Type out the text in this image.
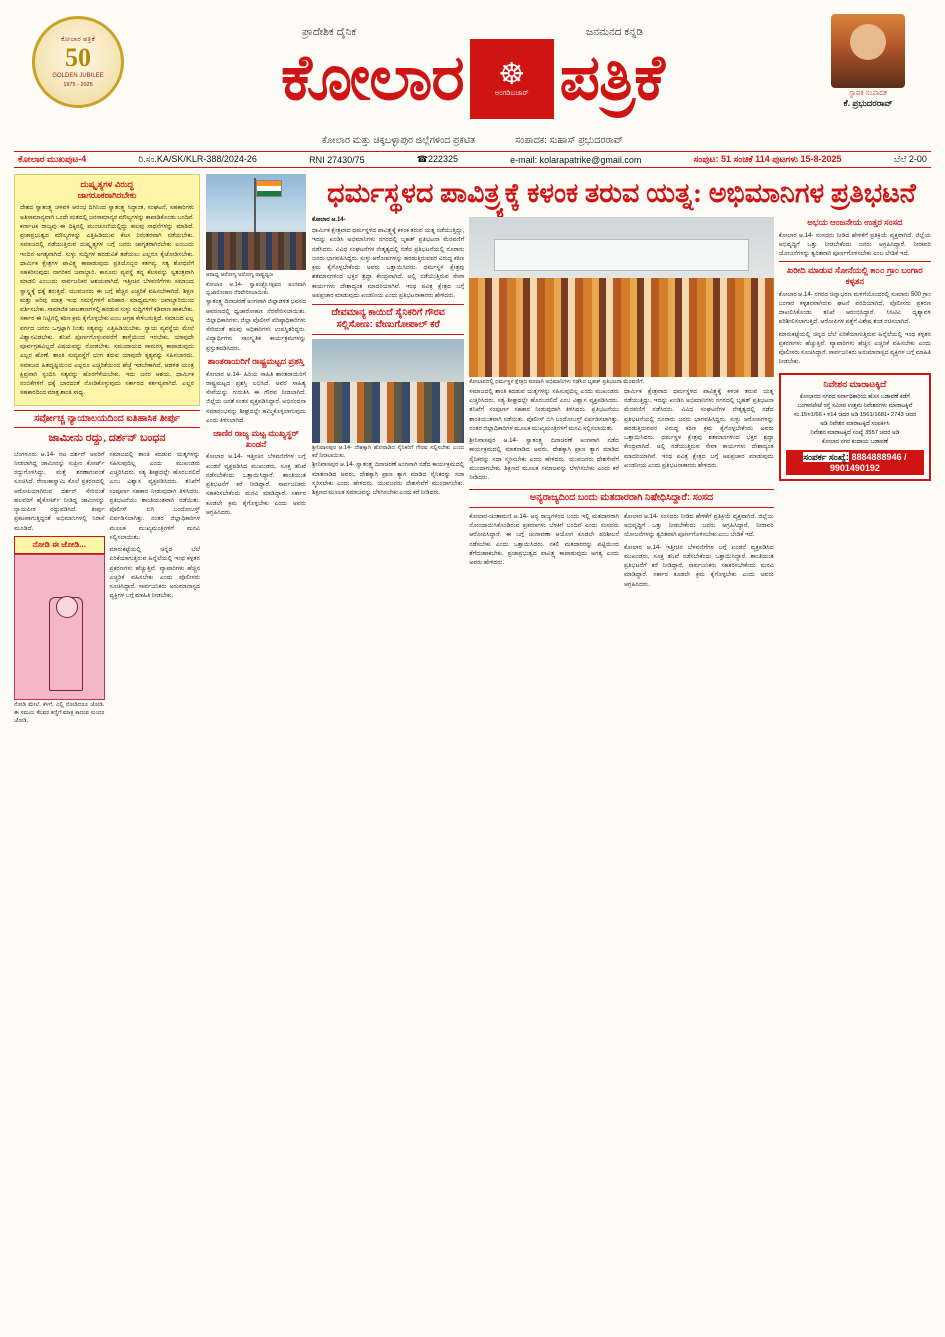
ಕೋಲಾರ ಪತ್ರಿಕೆ
50
GOLDEN JUBILEE
1975 - 2025
ಪ್ರಾದೇಶಿಕ ದೈನಿಕ	ಜನಮನದ ಕನ್ನಡಿ
ಕೋಲಾರ ☸
ಅಂಗಡಿಬಜಾರ್ ಪತ್ರಿಕೆ	ಸ್ಥಾಪಕ ಸಂಪಾದಕ
ಕೆ. ಪ್ರಭುದರರಾವ್
ಕೋಲಾರ ಮತ್ತು ಚಿಕ್ಕಬಳ್ಳಾಪುರ ಜಿಲ್ಲೆಗಳಿಂದ ಪ್ರಕಟಿತ	ಸಂಪಾದಕ: ಸುಹಾಸ್ ಪ್ರಭುದರರಾವ್
ಕೋಲಾರ ಮುಖಪುಟ-4	ರಿ.ಸಂ.KA/SK/KLR-388/2024-26	RNI 27430/75	☎222325	e-mail: kolarapatrike@gmail.com	ಸಂಪುಟ: 51 ಸಂಚಿಕೆ 114 ಪುಟಗಳು 15-8-2025	ಬೆಲೆ 2-00
ದುಷ್ಕೃತ್ಯಗಳ ವಿರುದ್ಧ
ಜಾಗರೂಕರಾಗಿರಬೇಕು

ದೇಶದ ಸ್ವಾತಂತ್ರ್ಯ ಚಳವಳಿ ಆರಂಭ ದಿಗಿನಿಂದ ಸ್ವಾತಂತ್ರ್ಯ ಸಿದ್ಧಾಂತ, ಸಂಘಟನೆ, ಸಹಕಾರಿಗಳು ಅತಿಸಾಮಾನ್ಯವಾಗಿ ಒಂದೇ ಮತದಲ್ಲಿ ಜನಸಾಮಾನ್ಯರ ಮೌಲ್ಯಗಳನ್ನು ಕಾಪಾಡಿಕೊಂಡು ಬಂದಿವೆ. ಕರ್ನಾಟಕ ರಾಜ್ಯವು ಈ ದಿಕ್ಕಿನಲ್ಲಿ ಮುಂಚೂಣಿಯಲ್ಲಿದ್ದು ಹಲವು ಸಾಧನೆಗಳನ್ನು ಮಾಡಿದೆ. ಪ್ರಜಾಪ್ರಭುತ್ವದ ಮೌಲ್ಯಗಳನ್ನು ಎತ್ತಿಹಿಡಿಯುವ ಕೆಲಸ ನಿರಂತರವಾಗಿ ನಡೆಯಬೇಕು. ಸಮಾಜದಲ್ಲಿ ನಡೆಯುತ್ತಿರುವ ದುಷ್ಕೃತ್ಯಗಳ ಬಗ್ಗೆ ಜನರು ಜಾಗೃತರಾಗಿರಬೇಕು ಎಂಬುದು ಇಂದಿನ ಅಗತ್ಯವಾಗಿದೆ. ಸುಳ್ಳು ಸುದ್ದಿಗಳ ಹರಡುವಿಕೆ ತಡೆಯಲು ಎಲ್ಲರೂ ಕೈಜೋಡಿಸಬೇಕು. ಧಾರ್ಮಿಕ ಕ್ಷೇತ್ರಗಳ ಪಾವಿತ್ರ್ಯ ಕಾಪಾಡುವುದು ಪ್ರತಿಯೊಬ್ಬರ ಕರ್ತವ್ಯ. ಸತ್ಯ ಶೋಧನೆಗೆ ಸಹಕರಿಸುವುದು ನಾಗರಿಕರ ಜವಾಬ್ದಾರಿ. ಕಾನೂನು ವ್ಯವಸ್ಥೆ ತನ್ನ ಕೆಲಸವನ್ನು ಸ್ವತಂತ್ರವಾಗಿ ಮಾಡಲಿ ಎಂಬುದು ಸಾರ್ವಜನಿಕರ ಆಶಯವಾಗಿದೆ. ಇತ್ತೀಚಿನ ಬೆಳವಣಿಗೆಗಳು ಸಮಾಜದ ಸ್ವಾಸ್ಥ್ಯಕ್ಕೆ ಧಕ್ಕೆ ತರುತ್ತಿವೆ. ಯುವಜನರು ಈ ಬಗ್ಗೆ ಹೆಚ್ಚಿನ ಎಚ್ಚರಿಕೆ ವಹಿಸಬೇಕಾಗಿದೆ. ಶಿಕ್ಷಣ ಮತ್ತು ಅರಿವು ಮಾತ್ರ ಇಂಥ ಸಮಸ್ಯೆಗಳಿಗೆ ಪರಿಹಾರ. ಮಾಧ್ಯಮಗಳು ಜವಾಬ್ದಾರಿಯಿಂದ ವರ್ತಿಸಬೇಕು. ಸಾಮಾಜಿಕ ಜಾಲತಾಣಗಳಲ್ಲಿ ಹರಡುವ ಸುಳ್ಳು ಸುದ್ದಿಗಳಿಗೆ ಕಡಿವಾಣ ಹಾಕಬೇಕು. ಸರ್ಕಾರ ಈ ನಿಟ್ಟಿನಲ್ಲಿ ಕಠಿಣ ಕ್ರಮ ಕೈಗೊಳ್ಳಬೇಕು ಎಂಬ ಆಗ್ರಹ ಕೇಳಿಬರುತ್ತಿದೆ. ಸಮಾಜದ ಎಲ್ಲ ವರ್ಗದ ಜನರು ಒಗ್ಗಟ್ಟಾಗಿ ನಿಂತು ಸತ್ಯವನ್ನು ಎತ್ತಿಹಿಡಿಯಬೇಕು. ನ್ಯಾಯ ವ್ಯವಸ್ಥೆಯ ಮೇಲೆ ವಿಶ್ವಾಸವಿಡಬೇಕು. ತನಿಖೆ ಪೂರ್ಣಗೊಳ್ಳುವವರೆಗೆ ತಾಳ್ಮೆಯಿಂದ ಇರಬೇಕು. ಯಾವುದೇ ಪೂರ್ವಗ್ರಹವಿಲ್ಲದೆ ವಿಷಯವನ್ನು ನೋಡಬೇಕು. ಸಮುದಾಯದ ಸಾಮರಸ್ಯ ಕಾಪಾಡುವುದು ಎಲ್ಲರ ಹೊಣೆ. ಶಾಂತಿ ಸುವ್ಯವಸ್ಥೆಗೆ ಭಂಗ ತರುವ ಯಾವುದೇ ಕೃತ್ಯವನ್ನು ಸಹಿಸಬಾರದು. ಸಮಾಜದ ಹಿತದೃಷ್ಟಿಯಿಂದ ಎಲ್ಲರೂ ಎಚ್ಚರಿಕೆಯಿಂದ ಹೆಜ್ಜೆ ಇಡಬೇಕಾಗಿದೆ. ಆಡಳಿತ ಯಂತ್ರ ಕ್ಷಿಪ್ರವಾಗಿ ಸ್ಪಂದಿಸಿ ಸತ್ಯವನ್ನು ಹೊರಗೆಳೆಯಬೇಕು. ಇದು ಜನರ ಆಶಯ. ಧಾರ್ಮಿಕ ನಂಬಿಕೆಗಳಿಗೆ ಧಕ್ಕೆ ಬಾರದಂತೆ ನೋಡಿಕೊಳ್ಳುವುದು ಸರ್ಕಾರದ ಕರ್ತವ್ಯವಾಗಿದೆ. ಎಲ್ಲರ ಸಹಕಾರದಿಂದ ಮಾತ್ರ ಶಾಂತಿ ಸಾಧ್ಯ.

ಸರ್ವೋಚ್ಚ ನ್ಯಾಯಾಲಯದಿಂದ ಐತಿಹಾಸಿಕ ತೀರ್ಪು
ಜಾಮೀನು ರದ್ದು, ದರ್ಶನ್ ಬಂಧನ

ಬೆಂಗಳೂರು ಆ.14- ನಟ ದರ್ಶನ್ ಅವರಿಗೆ ನೀಡಲಾಗಿದ್ದ ಜಾಮೀನನ್ನು ಸುಪ್ರೀಂ ಕೋರ್ಟ್ ರದ್ದುಗೊಳಿಸಿದ್ದು, ಮತ್ತೆ ಶರಣಾಗುವಂತೆ ಸೂಚಿಸಿದೆ. ರೇಣುಕಾಸ್ವಾಮಿ ಕೊಲೆ ಪ್ರಕರಣದಲ್ಲಿ ಆರೋಪಿಯಾಗಿರುವ ದರ್ಶನ್ ಸೇರಿದಂತೆ ಹಲವರಿಗೆ ಹೈಕೋರ್ಟ್ ನೀಡಿದ್ದ ಜಾಮೀನನ್ನು ನ್ಯಾಯಪೀಠ ರದ್ದುಪಡಿಸಿದೆ. ತೀರ್ಪು ಪ್ರಕಟವಾಗುತ್ತಿದ್ದಂತೆ ಅಭಿಮಾನಿಗಳಲ್ಲಿ ನಿರಾಸೆ ಮೂಡಿದೆ.

ನೋಡಿ ಈ ಜೋಡಿ...
ನೋಡಿ ಮೇಲೆ, ಕೆಳಗೆ, ಎಲ್ಲಿ ನೋಡಿದರೂ ಜೋಡಿ. ಈ ಸಮಯ ಕೆಲವರ ಕಣ್ಣಿಗೆ ಮಾತ್ರ ಕಾಣುವ ಸುಂದರ ಜೋಡಿ.

ಸಮಾಜದಲ್ಲಿ ಶಾಂತಿ ಕದಡುವ ಯತ್ನಗಳನ್ನು ಸಹಿಸುವುದಿಲ್ಲ ಎಂದು ಮುಖಂಡರು ಎಚ್ಚರಿಸಿದರು. ಸತ್ಯ ಶೀಘ್ರದಲ್ಲೇ ಹೊರಬರಲಿದೆ ಎಂಬ ವಿಶ್ವಾಸ ವ್ಯಕ್ತಪಡಿಸಿದರು. ತನಿಖೆಗೆ ಸಂಪೂರ್ಣ ಸಹಕಾರ ನೀಡುವುದಾಗಿ ತಿಳಿಸಿದರು. ಪ್ರತಿಭಟನೆಯು ಶಾಂತಿಯುತವಾಗಿ ನಡೆಯಿತು. ಪೊಲೀಸ್ ಬಿಗಿ ಬಂದೋಬಸ್ತ್ ಏರ್ಪಡಿಸಲಾಗಿತ್ತು. ನಂತರ ಜಿಲ್ಲಾಧಿಕಾರಿಗಳ ಮೂಲಕ ಮುಖ್ಯಮಂತ್ರಿಗಳಿಗೆ ಮನವಿ ಸಲ್ಲಿಸಲಾಯಿತು.

ಮಾರುಕಟ್ಟೆಯಲ್ಲಿ ಚಿನ್ನದ ಬೆಲೆ ಏರಿಕೆಯಾಗುತ್ತಿರುವ ಹಿನ್ನೆಲೆಯಲ್ಲಿ ಇಂಥ ಕಳ್ಳತನ ಪ್ರಕರಣಗಳು ಹೆಚ್ಚುತ್ತಿವೆ. ವ್ಯಾಪಾರಿಗಳು ಹೆಚ್ಚಿನ ಎಚ್ಚರಿಕೆ ವಹಿಸಬೇಕು ಎಂದು ಪೊಲೀಸರು ಸೂಚಿಸಿದ್ದಾರೆ. ಸಾರ್ವಜನಿಕರು ಅನುಮಾನಾಸ್ಪದ ವ್ಯಕ್ತಿಗಳ ಬಗ್ಗೆ ಮಾಹಿತಿ ನೀಡಬೇಕು.

ಆರಾಧ್ಯ ಆರೋಗ್ಯ ಅರೋಗ್ಯ ರಾಷ್ಟ್ರಧ್ವಜ
ಕೋಲಾರ ಆ.14- ಸ್ವಾತಂತ್ರ್ಯೋತ್ಸವದ ಅಂಗವಾಗಿ ಧ್ವಜಾರೋಹಣ ನೆರವೇರಿಸಲಾಯಿತು.

ಸ್ವಾತಂತ್ರ್ಯ ದಿನಾಚರಣೆ ಅಂಗವಾಗಿ ಜಿಲ್ಲಾಡಳಿತ ಭವನದ ಆವರಣದಲ್ಲಿ ಧ್ವಜಾರೋಹಣ ನೆರವೇರಿಸಲಾಯಿತು. ಜಿಲ್ಲಾಧಿಕಾರಿಗಳು, ಜಿಲ್ಲಾ ಪೊಲೀಸ್ ವರಿಷ್ಠಾಧಿಕಾರಿಗಳು ಸೇರಿದಂತೆ ಹಲವು ಅಧಿಕಾರಿಗಳು ಉಪಸ್ಥಿತರಿದ್ದರು. ವಿದ್ಯಾರ್ಥಿಗಳು ಸಾಂಸ್ಕೃತಿಕ ಕಾರ್ಯಕ್ರಮಗಳನ್ನು ಪ್ರಸ್ತುತಪಡಿಸಿದರು.

ಶಾಂತರಾಯರಿಗೆ ರಾಷ್ಟ್ರಮಟ್ಟದ ಪ್ರಶಸ್ತಿ

ಕೋಲಾರ ಆ.14- ಹಿರಿಯ ಸಾಹಿತಿ ಶಾಂತರಾಯರಿಗೆ ರಾಷ್ಟ್ರಮಟ್ಟದ ಪ್ರಶಸ್ತಿ ಲಭಿಸಿದೆ. ಅವರ ಸಾಹಿತ್ಯ ಸೇವೆಯನ್ನು ಗುರುತಿಸಿ ಈ ಗೌರವ ನೀಡಲಾಗಿದೆ. ಜಿಲ್ಲೆಯ ಜನತೆ ಸಂತಸ ವ್ಯಕ್ತಪಡಿಸಿದ್ದಾರೆ. ಅಭಿನಂದನಾ ಸಮಾರಂಭವನ್ನು ಶೀಘ್ರದಲ್ಲೇ ಹಮ್ಮಿಕೊಳ್ಳಲಾಗುವುದು ಎಂದು ತಿಳಿಸಲಾಗಿದೆ.

ಜಾಣಿರ ರಾಜ್ಯ ಮಟ್ಟ ಮುಖ್ಯಸ್ಥರ್ ಖಂಡನೆ

ಕೋಲಾರ ಆ.14- ಇತ್ತೀಚಿನ ಬೆಳವಣಿಗೆಗಳ ಬಗ್ಗೆ ಖಂಡನೆ ವ್ಯಕ್ತಪಡಿಸಿದ ಮುಖಂಡರು, ಸೂಕ್ತ ತನಿಖೆ ನಡೆಸಬೇಕೆಂದು ಒತ್ತಾಯಿಸಿದ್ದಾರೆ. ಶಾಂತಿಯುತ ಪ್ರತಿಭಟನೆಗೆ ಕರೆ ನೀಡಿದ್ದಾರೆ. ಸಾರ್ವಜನಿಕರು ಸಹಕರಿಸಬೇಕೆಂದು ಮನವಿ ಮಾಡಿದ್ದಾರೆ. ಸರ್ಕಾರ ಕೂಡಲೇ ಕ್ರಮ ಕೈಗೊಳ್ಳಬೇಕು ಎಂದು ಅವರು ಆಗ್ರಹಿಸಿದರು.

ಧರ್ಮಸ್ಥಳದ ಪಾವಿತ್ರ್ಯಕ್ಕೆ ಕಳಂಕ ತರುವ ಯತ್ನ: ಅಭಿಮಾನಿಗಳ ಪ್ರತಿಭಟನೆ
ಕೋಲಾರ ಆ.14-

ಧಾರ್ಮಿಕ ಕ್ಷೇತ್ರವಾದ ಧರ್ಮಸ್ಥಳದ ಪಾವಿತ್ರ್ಯಕ್ಕೆ ಕಳಂಕ ತರುವ ಯತ್ನ ನಡೆಯುತ್ತಿದ್ದು, ಇದನ್ನು ಖಂಡಿಸಿ ಅಭಿಮಾನಿಗಳು ನಗರದಲ್ಲಿ ಬೃಹತ್ ಪ್ರತಿಭಟನಾ ಮೆರವಣಿಗೆ ನಡೆಸಿದರು. ವಿವಿಧ ಸಂಘಟನೆಗಳ ನೇತೃತ್ವದಲ್ಲಿ ನಡೆದ ಪ್ರತಿಭಟನೆಯಲ್ಲಿ ನೂರಾರು ಜನರು ಭಾಗವಹಿಸಿದ್ದರು. ಸುಳ್ಳು ಆರೋಪಗಳನ್ನು ಹರಡುತ್ತಿರುವವರ ವಿರುದ್ಧ ಕಠಿಣ ಕ್ರಮ ಕೈಗೊಳ್ಳಬೇಕೆಂದು ಅವರು ಒತ್ತಾಯಿಸಿದರು. ಧರ್ಮಸ್ಥಳ ಕ್ಷೇತ್ರವು ಶತಮಾನಗಳಿಂದ ಭಕ್ತರ ಶ್ರದ್ಧಾ ಕೇಂದ್ರವಾಗಿದೆ. ಅಲ್ಲಿ ನಡೆಯುತ್ತಿರುವ ಸೇವಾ ಕಾರ್ಯಗಳು ದೇಶಾದ್ಯಂತ ಮಾದರಿಯಾಗಿವೆ. ಇಂಥ ಪವಿತ್ರ ಕ್ಷೇತ್ರದ ಬಗ್ಗೆ ಅಪಪ್ರಚಾರ ಮಾಡುವುದು ಖಂಡನೀಯ ಎಂದು ಪ್ರತಿಭಟನಾಕಾರರು ಹೇಳಿದರು.

ದೇವಮಾನ್ಯ ಕಾಯಿದೆ ಸೈನಿಕರಿಗೆ ಗೌರವ ಸಲ್ಲಿಸೋಣ: ವೇಣುಗೋಪಾಲ್ ಕರೆ
ಶ್ರೀನಿವಾಸಪುರ ಆ.14- ದೇಶಕ್ಕಾಗಿ ಹೋರಾಡಿದ ಸೈನಿಕರಿಗೆ ಗೌರವ ಸಲ್ಲಿಸಬೇಕು ಎಂದು ಕರೆ ನೀಡಲಾಯಿತು.

ಶ್ರೀನಿವಾಸಪುರ ಆ.14- ಸ್ವಾತಂತ್ರ್ಯ ದಿನಾಚರಣೆ ಅಂಗವಾಗಿ ನಡೆದ ಕಾರ್ಯಕ್ರಮದಲ್ಲಿ ಮಾತನಾಡಿದ ಅವರು, ದೇಶಕ್ಕಾಗಿ ಪ್ರಾಣ ತ್ಯಾಗ ಮಾಡಿದ ಸೈನಿಕರನ್ನು ಸದಾ ಸ್ಮರಿಸಬೇಕು ಎಂದು ಹೇಳಿದರು. ಯುವಜನರು ದೇಶಸೇವೆಗೆ ಮುಂದಾಗಬೇಕು. ಶಿಕ್ಷಣದ ಮೂಲಕ ಸಮಾಜವನ್ನು ಬೆಳಗಿಸಬೇಕು ಎಂದು ಕರೆ ನೀಡಿದರು.

ಕೋಲಾರದಲ್ಲಿ ಧರ್ಮಸ್ಥಳ ಕ್ಷೇತ್ರದ ಪರವಾಗಿ ಅಭಿಮಾನಿಗಳು ನಡೆಸಿದ ಬೃಹತ್ ಪ್ರತಿಭಟನಾ ಮೆರವಣಿಗೆ.

ಸಮಾಜದಲ್ಲಿ ಶಾಂತಿ ಕದಡುವ ಯತ್ನಗಳನ್ನು ಸಹಿಸುವುದಿಲ್ಲ ಎಂದು ಮುಖಂಡರು ಎಚ್ಚರಿಸಿದರು. ಸತ್ಯ ಶೀಘ್ರದಲ್ಲೇ ಹೊರಬರಲಿದೆ ಎಂಬ ವಿಶ್ವಾಸ ವ್ಯಕ್ತಪಡಿಸಿದರು. ತನಿಖೆಗೆ ಸಂಪೂರ್ಣ ಸಹಕಾರ ನೀಡುವುದಾಗಿ ತಿಳಿಸಿದರು. ಪ್ರತಿಭಟನೆಯು ಶಾಂತಿಯುತವಾಗಿ ನಡೆಯಿತು. ಪೊಲೀಸ್ ಬಿಗಿ ಬಂದೋಬಸ್ತ್ ಏರ್ಪಡಿಸಲಾಗಿತ್ತು. ನಂತರ ಜಿಲ್ಲಾಧಿಕಾರಿಗಳ ಮೂಲಕ ಮುಖ್ಯಮಂತ್ರಿಗಳಿಗೆ ಮನವಿ ಸಲ್ಲಿಸಲಾಯಿತು.

ಶ್ರೀನಿವಾಸಪುರ ಆ.14- ಸ್ವಾತಂತ್ರ್ಯ ದಿನಾಚರಣೆ ಅಂಗವಾಗಿ ನಡೆದ ಕಾರ್ಯಕ್ರಮದಲ್ಲಿ ಮಾತನಾಡಿದ ಅವರು, ದೇಶಕ್ಕಾಗಿ ಪ್ರಾಣ ತ್ಯಾಗ ಮಾಡಿದ ಸೈನಿಕರನ್ನು ಸದಾ ಸ್ಮರಿಸಬೇಕು ಎಂದು ಹೇಳಿದರು. ಯುವಜನರು ದೇಶಸೇವೆಗೆ ಮುಂದಾಗಬೇಕು. ಶಿಕ್ಷಣದ ಮೂಲಕ ಸಮಾಜವನ್ನು ಬೆಳಗಿಸಬೇಕು ಎಂದು ಕರೆ ನೀಡಿದರು.

ಧಾರ್ಮಿಕ ಕ್ಷೇತ್ರವಾದ ಧರ್ಮಸ್ಥಳದ ಪಾವಿತ್ರ್ಯಕ್ಕೆ ಕಳಂಕ ತರುವ ಯತ್ನ ನಡೆಯುತ್ತಿದ್ದು, ಇದನ್ನು ಖಂಡಿಸಿ ಅಭಿಮಾನಿಗಳು ನಗರದಲ್ಲಿ ಬೃಹತ್ ಪ್ರತಿಭಟನಾ ಮೆರವಣಿಗೆ ನಡೆಸಿದರು. ವಿವಿಧ ಸಂಘಟನೆಗಳ ನೇತೃತ್ವದಲ್ಲಿ ನಡೆದ ಪ್ರತಿಭಟನೆಯಲ್ಲಿ ನೂರಾರು ಜನರು ಭಾಗವಹಿಸಿದ್ದರು. ಸುಳ್ಳು ಆರೋಪಗಳನ್ನು ಹರಡುತ್ತಿರುವವರ ವಿರುದ್ಧ ಕಠಿಣ ಕ್ರಮ ಕೈಗೊಳ್ಳಬೇಕೆಂದು ಅವರು ಒತ್ತಾಯಿಸಿದರು. ಧರ್ಮಸ್ಥಳ ಕ್ಷೇತ್ರವು ಶತಮಾನಗಳಿಂದ ಭಕ್ತರ ಶ್ರದ್ಧಾ ಕೇಂದ್ರವಾಗಿದೆ. ಅಲ್ಲಿ ನಡೆಯುತ್ತಿರುವ ಸೇವಾ ಕಾರ್ಯಗಳು ದೇಶಾದ್ಯಂತ ಮಾದರಿಯಾಗಿವೆ. ಇಂಥ ಪವಿತ್ರ ಕ್ಷೇತ್ರದ ಬಗ್ಗೆ ಅಪಪ್ರಚಾರ ಮಾಡುವುದು ಖಂಡನೀಯ ಎಂದು ಪ್ರತಿಭಟನಾಕಾರರು ಹೇಳಿದರು.

ಅನ್ಯರಾಜ್ಯದಿಂದ ಬಂದು ಮತದಾರರಾಗಿ ನಿಷೇಧಿಸಿದ್ದಾರೆ: ಸಂಸದ

ಕೋಲಾರ-ಚಿಂತಾಮಣಿ ಆ.14- ಅನ್ಯ ರಾಜ್ಯಗಳಿಂದ ಬಂದು ಇಲ್ಲಿ ಮತದಾರರಾಗಿ ನೋಂದಾಯಿಸಿಕೊಂಡಿರುವ ಪ್ರಕರಣಗಳು ಬೆಳಕಿಗೆ ಬಂದಿವೆ ಎಂದು ಸಂಸದರು ಆರೋಪಿಸಿದ್ದಾರೆ. ಈ ಬಗ್ಗೆ ಚುನಾವಣಾ ಆಯೋಗ ಕೂಡಲೇ ಪರಿಶೀಲನೆ ನಡೆಸಬೇಕು ಎಂದು ಒತ್ತಾಯಿಸಿದರು. ನಕಲಿ ಮತದಾರರನ್ನು ಪಟ್ಟಿಯಿಂದ ತೆಗೆದುಹಾಕಬೇಕು. ಪ್ರಜಾಪ್ರಭುತ್ವದ ಪಾವಿತ್ರ್ಯ ಕಾಪಾಡುವುದು ಅಗತ್ಯ ಎಂದು ಅವರು ಹೇಳಿದರು.

ಕೋಲಾರ ಆ.14- ಸಂಸದರು ನೀಡಿದ ಹೇಳಿಕೆಗೆ ಪ್ರತಿಕ್ರಿಯೆ ವ್ಯಕ್ತವಾಗಿದೆ. ಜಿಲ್ಲೆಯ ಅಭಿವೃದ್ಧಿಗೆ ಒತ್ತು ನೀಡಬೇಕೆಂದು ಜನರು ಆಗ್ರಹಿಸಿದ್ದಾರೆ. ನೀರಾವರಿ ಯೋಜನೆಗಳನ್ನು ತ್ವರಿತವಾಗಿ ಪೂರ್ಣಗೊಳಿಸಬೇಕು ಎಂಬ ಬೇಡಿಕೆ ಇದೆ.

ಕೋಲಾರ ಆ.14- ಇತ್ತೀಚಿನ ಬೆಳವಣಿಗೆಗಳ ಬಗ್ಗೆ ಖಂಡನೆ ವ್ಯಕ್ತಪಡಿಸಿದ ಮುಖಂಡರು, ಸೂಕ್ತ ತನಿಖೆ ನಡೆಸಬೇಕೆಂದು ಒತ್ತಾಯಿಸಿದ್ದಾರೆ. ಶಾಂತಿಯುತ ಪ್ರತಿಭಟನೆಗೆ ಕರೆ ನೀಡಿದ್ದಾರೆ. ಸಾರ್ವಜನಿಕರು ಸಹಕರಿಸಬೇಕೆಂದು ಮನವಿ ಮಾಡಿದ್ದಾರೆ. ಸರ್ಕಾರ ಕೂಡಲೇ ಕ್ರಮ ಕೈಗೊಳ್ಳಬೇಕು ಎಂದು ಅವರು ಆಗ್ರಹಿಸಿದರು.

ಅಭಯ ಆಂಜನೇಯ ಉತ್ತರ ಸಂಸದ

ಕೋಲಾರ ಆ.14- ಸಂಸದರು ನೀಡಿದ ಹೇಳಿಕೆಗೆ ಪ್ರತಿಕ್ರಿಯೆ ವ್ಯಕ್ತವಾಗಿದೆ. ಜಿಲ್ಲೆಯ ಅಭಿವೃದ್ಧಿಗೆ ಒತ್ತು ನೀಡಬೇಕೆಂದು ಜನರು ಆಗ್ರಹಿಸಿದ್ದಾರೆ. ನೀರಾವರಿ ಯೋಜನೆಗಳನ್ನು ತ್ವರಿತವಾಗಿ ಪೂರ್ಣಗೊಳಿಸಬೇಕು ಎಂಬ ಬೇಡಿಕೆ ಇದೆ.

ಖರೀದಿ ಮಾಡುವ ಸೋನೆಯಲ್ಲಿ ೫೦೦ ಗ್ರಾಂ ಬಂಗಾರ ಕಳ್ಳತನ

ಕೋಲಾರ ಆ.14- ನಗರದ ಚಿನ್ನಾಭರಣ ಮಳಿಗೆಯೊಂದರಲ್ಲಿ ಸುಮಾರು 500 ಗ್ರಾಂ ಬಂಗಾರ ಕಳ್ಳತನವಾಗಿರುವ ಘಟನೆ ವರದಿಯಾಗಿದೆ. ಪೊಲೀಸರು ಪ್ರಕರಣ ದಾಖಲಿಸಿಕೊಂಡು ತನಿಖೆ ಆರಂಭಿಸಿದ್ದಾರೆ. ಸಿಸಿಟಿವಿ ದೃಶ್ಯಾವಳಿ ಪರಿಶೀಲಿಸಲಾಗುತ್ತಿದೆ. ಆರೋಪಿಗಳ ಪತ್ತೆಗೆ ವಿಶೇಷ ತಂಡ ರಚಿಸಲಾಗಿದೆ.

ಮಾರುಕಟ್ಟೆಯಲ್ಲಿ ಚಿನ್ನದ ಬೆಲೆ ಏರಿಕೆಯಾಗುತ್ತಿರುವ ಹಿನ್ನೆಲೆಯಲ್ಲಿ ಇಂಥ ಕಳ್ಳತನ ಪ್ರಕರಣಗಳು ಹೆಚ್ಚುತ್ತಿವೆ. ವ್ಯಾಪಾರಿಗಳು ಹೆಚ್ಚಿನ ಎಚ್ಚರಿಕೆ ವಹಿಸಬೇಕು ಎಂದು ಪೊಲೀಸರು ಸೂಚಿಸಿದ್ದಾರೆ. ಸಾರ್ವಜನಿಕರು ಅನುಮಾನಾಸ್ಪದ ವ್ಯಕ್ತಿಗಳ ಬಗ್ಗೆ ಮಾಹಿತಿ ನೀಡಬೇಕು.

ನಿವೇಶನ ಮಾರಾಟಕ್ಕಿದೆ
ಕೋಲಾರದ ನಗರದ ಸರ್ವಾಧಿಕಾರಿಯ ಹೊಸ ಬಡಾವಣೆ ಕಡೆಗೆ
ಬಂಗಾರಪೇಟೆ ರಸ್ತೆ ಸಮೀಪ ಉತ್ತಮ ನಿವೇಶನಗಳು ಮಾರಾಟಕ್ಕಿವೆ
ಸಂ.15೪1/66 • ೪14 ಚದರ ಅಡಿ 1561/1681• 2743 ಚದರ
ಅಡಿ ನಿವೇಶನ ಮಾರಾಟಕ್ಕಿದೆ ಸಂಪರ್ಕಿಸಿ
ನಿವೇಶನ ಮಾರಾಟಕ್ಕಿದೆ ಸಂಖ್ಯೆ 3557 ಚದರ ಅಡಿ
ಕೋಲಾರ ನಗರ ಕಂದಾಯ ಬಡಾವಣೆ
ಸಂಪರ್ಕ ಸಂಖ್ಯೆ: 8884888946 / 9901490192
